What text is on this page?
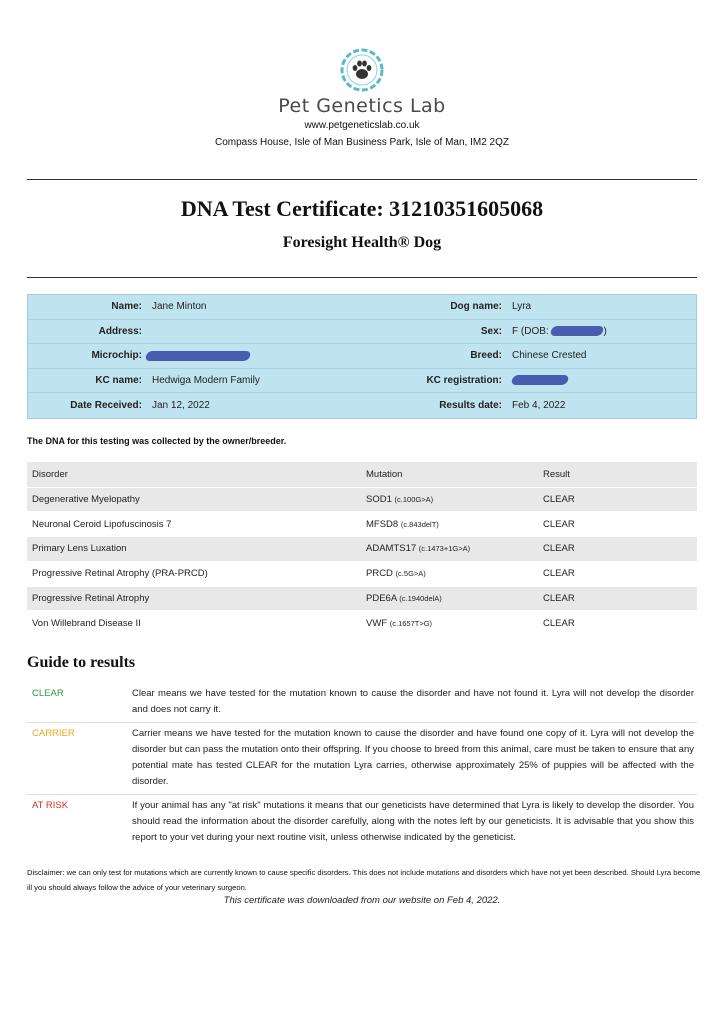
Pet Genetics Lab
www.petgeneticslab.co.uk
Compass House, Isle of Man Business Park, Isle of Man, IM2 2QZ
DNA Test Certificate: 31210351605068
Foresight Health® Dog
Name:	Jane Minton	Dog name:	Lyra
Address:	Sex:	F (DOB:	)
Microchip:	Breed:	Chinese Crested
KC name:	Hedwiga Modern Family	KC registration:
Date Received:	Jan 12, 2022	Results date:	Feb 4, 2022
The DNA for this testing was collected by the owner/breeder.
Disorder	Mutation	Result
Degenerative Myelopathy	SOD1 (c.100G>A)	CLEAR
Neuronal Ceroid Lipofuscinosis 7	MFSD8 (c.843delT)	CLEAR
Primary Lens Luxation	ADAMTS17 (c.1473+1G>A)	CLEAR
Progressive Retinal Atrophy (PRA-PRCD)	PRCD (c.5G>A)	CLEAR
Progressive Retinal Atrophy	PDE6A (c.1940delA)	CLEAR
Von Willebrand Disease II	VWF (c.1657T>G)	CLEAR
Guide to results
CLEAR	Clear means we have tested for the mutation known to cause the disorder and have not found it. Lyra will not develop the disorder and does not carry it.
CARRIER	Carrier means we have tested for the mutation known to cause the disorder and have found one copy of it. Lyra will not develop the disorder but can pass the mutation onto their offspring. If you choose to breed from this animal, care must be taken to ensure that any potential mate has tested CLEAR for the mutation Lyra carries, otherwise approximately 25% of puppies will be affected with the disorder.
AT RISK	If your animal has any "at risk" mutations it means that our geneticists have determined that Lyra is likely to develop the disorder. You should read the information about the disorder carefully, along with the notes left by our geneticists. It is advisable that you show this report to your vet during your next routine visit, unless otherwise indicated by the geneticist.
Disclaimer: we can only test for mutations which are currently known to cause specific disorders. This does not include mutations and disorders which have not yet been described. Should Lyra become ill you should always follow the advice of your veterinary surgeon.
This certificate was downloaded from our website on Feb 4, 2022.
